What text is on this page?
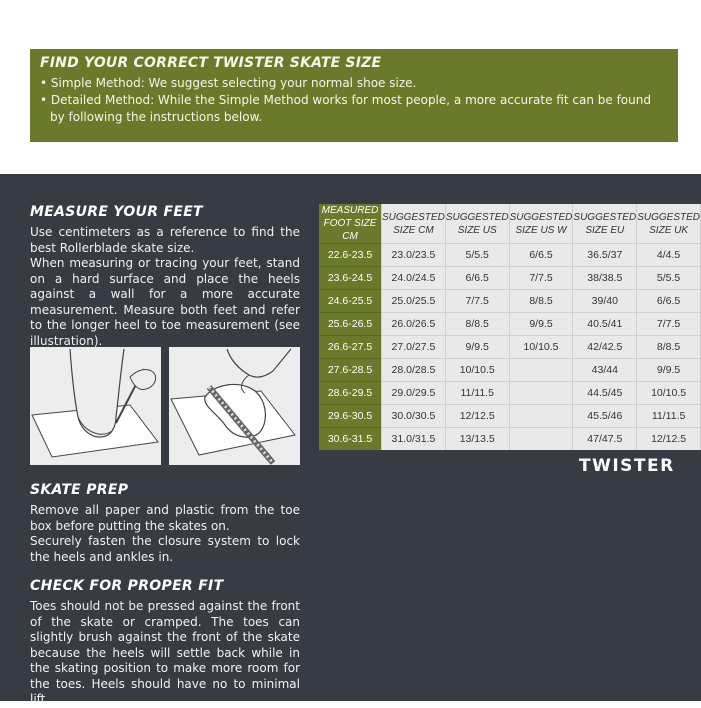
FIND YOUR CORRECT TWISTER SKATE SIZE
• Simple Method: We suggest selecting your normal shoe size.
• Detailed Method: While the Simple Method works for most people, a more accurate fit can be found
by following the instructions below.
MEASURE YOUR FEET

Use centimeters as a reference to find the best Rollerblade skate size.

When measuring or tracing your feet, stand on a hard surface and place the heels against a wall for a more accurate measurement. Measure both feet and refer to the longer heel to toe measurement (see illustration).

SKATE PREP

Remove all paper and plastic from the toe box before putting the skates on.

Securely fasten the closure system to lock the heels and ankles in.

CHECK FOR PROPER FIT

Toes should not be pressed against the front of the skate or cramped. The toes can slightly brush against the front of the skate because the heels will settle back while in the skating position to make more room for the toes. Heels should have no to minimal lift.

MEASURED
FOOT SIZE CM	SUGGESTED
SIZE CM	SUGGESTED
SIZE US	SUGGESTED
SIZE US W	SUGGESTED
SIZE EU	SUGGESTED
SIZE UK
22.6-23.5	23.0/23.5	5/5.5	6/6.5	36.5/37	4/4.5
23.6-24.5	24.0/24.5	6/6.5	7/7.5	38/38.5	5/5.5
24.6-25.5	25.0/25.5	7/7.5	8/8.5	39/40	6/6.5
25.6-26.5	26.0/26.5	8/8.5	9/9.5	40.5/41	7/7.5
26.6-27.5	27.0/27.5	9/9.5	10/10.5	42/42.5	8/8.5
27.6-28.5	28.0/28.5	10/10.5		43/44	9/9.5
28.6-29.5	29.0/29.5	11/11.5		44.5/45	10/10.5
29.6-30.5	30.0/30.5	12/12.5		45.5/46	11/11.5
30.6-31.5	31.0/31.5	13/13.5		47/47.5	12/12.5
TWISTER
